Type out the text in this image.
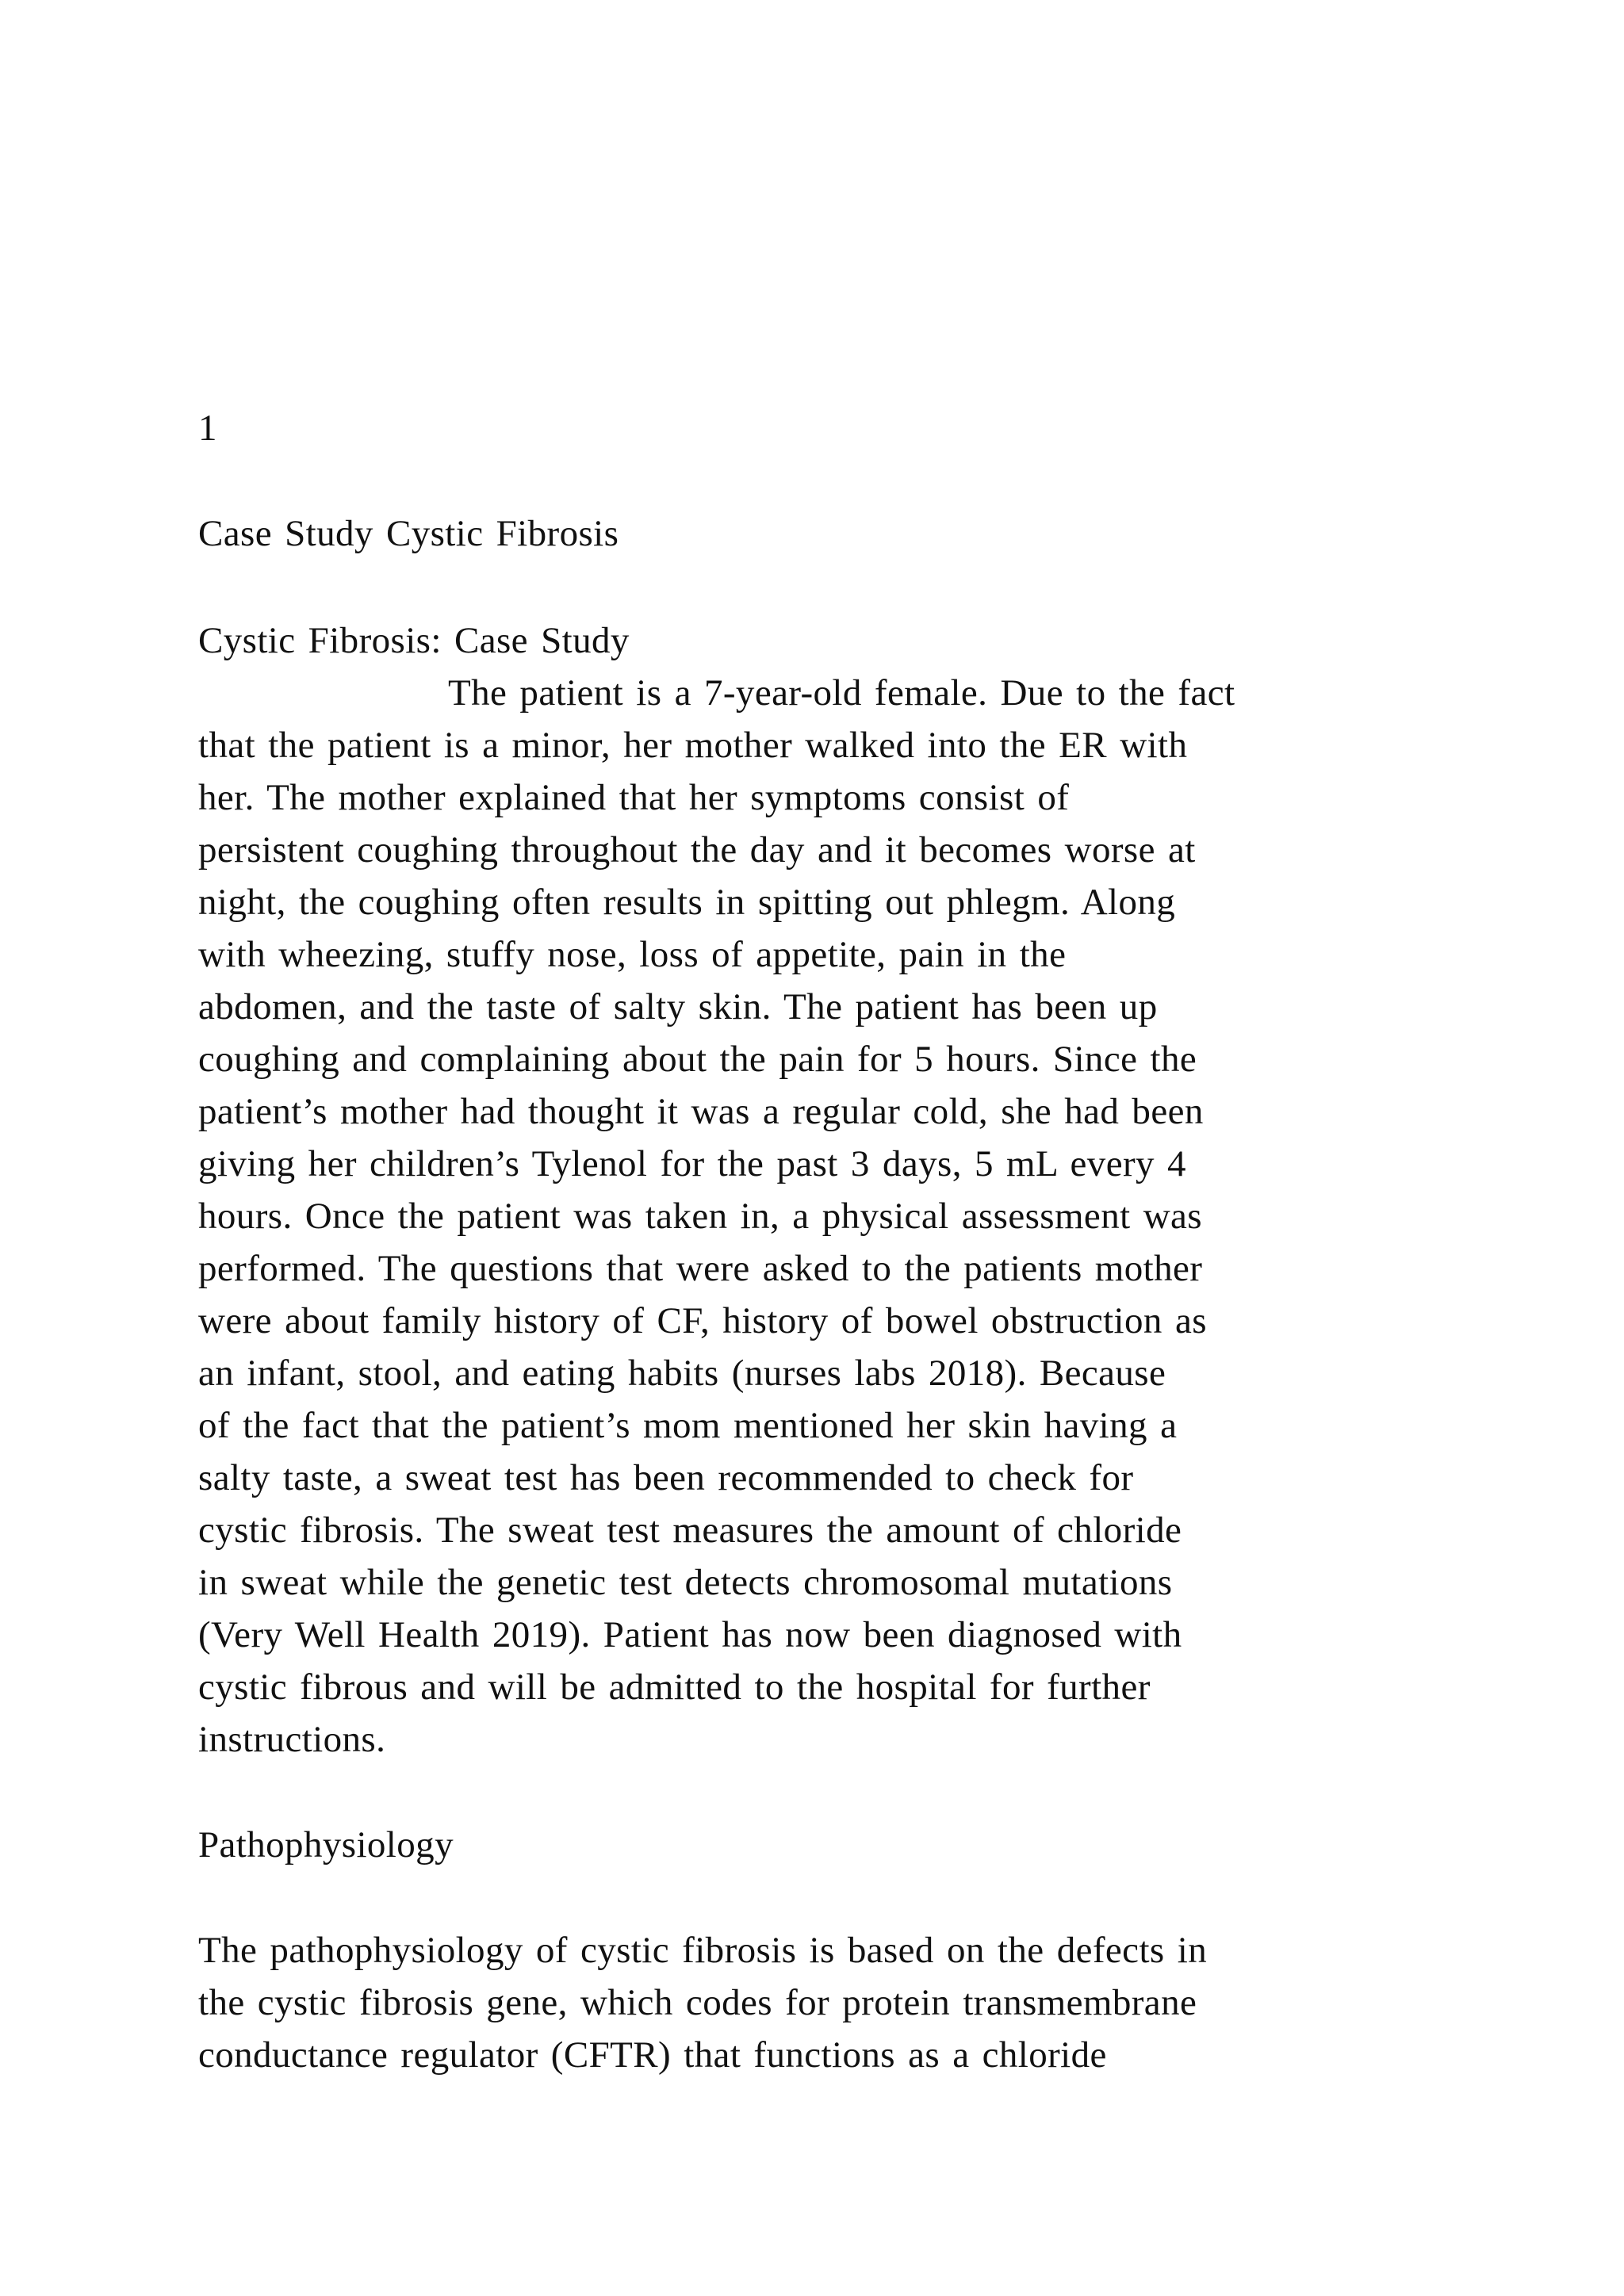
1
Case Study Cystic Fibrosis
Cystic Fibrosis: Case Study
The patient is a 7-year-old female. Due to the fact
that the patient is a minor, her mother walked into the ER with
her. The mother explained that her symptoms consist of
persistent coughing throughout the day and it becomes worse at
night, the coughing often results in spitting out phlegm. Along
with wheezing, stuffy nose, loss of appetite, pain in the
abdomen, and the taste of salty skin. The patient has been up
coughing and complaining about the pain for 5 hours. Since the
patient’s mother had thought it was a regular cold, she had been
giving her children’s Tylenol for the past 3 days, 5 mL every 4
hours. Once the patient was taken in, a physical assessment was
performed. The questions that were asked to the patients mother
were about family history of CF, history of bowel obstruction as
an infant, stool, and eating habits (nurses labs 2018). Because
of the fact that the patient’s mom mentioned her skin having a
salty taste, a sweat test has been recommended to check for
cystic fibrosis. The sweat test measures the amount of chloride
in sweat while the genetic test detects chromosomal mutations
(Very Well Health 2019). Patient has now been diagnosed with
cystic fibrous and will be admitted to the hospital for further
instructions.
Pathophysiology
The pathophysiology of cystic fibrosis is based on the defects in
the cystic fibrosis gene, which codes for protein transmembrane
conductance regulator (CFTR) that functions as a chloride
